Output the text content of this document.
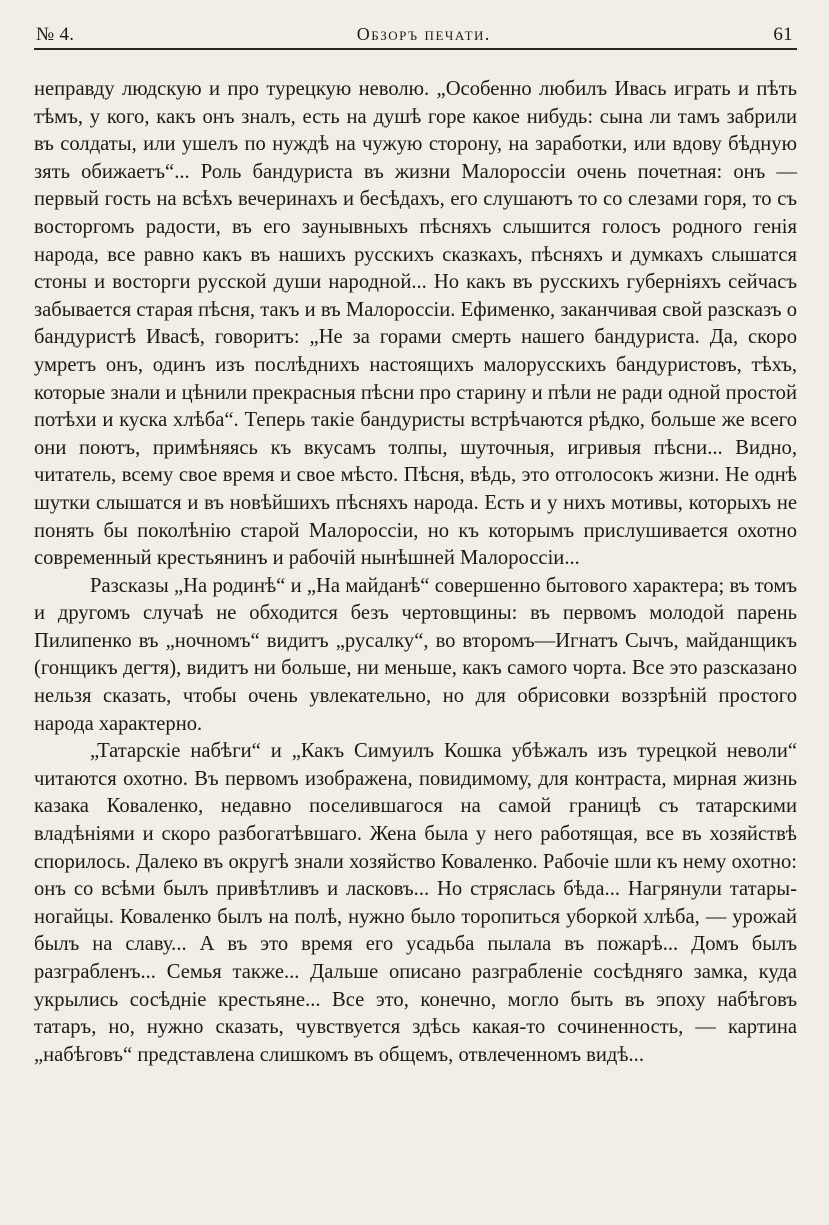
№ 4.	Обзоръ печати.	61

неправду людскую и про турецкую неволю. „Особенно любилъ Ивась играть и пѣть тѣмъ, у кого, какъ онъ зналъ, есть на душѣ горе какое нибудь: сына ли тамъ забрили въ солдаты, или ушелъ по нуждѣ на чужую сторону, на заработки, или вдову бѣдную зять обижаетъ“... Роль бандуриста въ жизни Малороссіи очень почетная: онъ — первый гость на всѣхъ вечеринахъ и бесѣдахъ, его слушаютъ то со слезами горя, то съ восторгомъ радости, въ его заунывныхъ пѣсняхъ слышится голосъ родного генія народа, все равно какъ въ нашихъ русскихъ сказкахъ, пѣсняхъ и думкахъ слышатся стоны и восторги русской души народной... Но какъ въ русскихъ губерніяхъ сейчасъ забывается старая пѣсня, такъ и въ Малороссіи. Ефименко, заканчивая свой разсказъ о бандуристѣ Ивасѣ, говоритъ: „Не за горами смерть нашего бандуриста. Да, скоро умретъ онъ, одинъ изъ послѣднихъ настоящихъ малорусскихъ бандуристовъ, тѣхъ, которые знали и цѣнили прекрасныя пѣсни про старину и пѣли не ради одной простой потѣхи и куска хлѣба“. Теперь такіе бандуристы встрѣчаются рѣдко, больше же всего они поютъ, примѣняясь къ вкусамъ толпы, шуточныя, игривыя пѣсни... Видно, читатель, всему свое время и свое мѣсто. Пѣсня, вѣдь, это отголосокъ жизни. Не однѣ шутки слышатся и въ новѣйшихъ пѣсняхъ народа. Есть и у нихъ мотивы, которыхъ не понять бы поколѣнію старой Малороссіи, но къ которымъ прислушивается охотно современный крестьянинъ и рабочій нынѣшней Малороссіи...

Разсказы „На родинѣ“ и „На майданѣ“ совершенно бытового характера; въ томъ и другомъ случаѣ не обходится безъ чертовщины: въ первомъ молодой парень Пилипенко въ „ночномъ“ видитъ „русалку“, во второмъ—Игнатъ Сычъ, майданщикъ (гонщикъ дегтя), видитъ ни больше, ни меньше, какъ самого чорта. Все это разсказано нельзя сказать, чтобы очень увлекательно, но для обрисовки воззрѣній простого народа характерно.

„Татарскіе набѣги“ и „Какъ Симуилъ Кошка убѣжалъ изъ турецкой неволи“ читаются охотно. Въ первомъ изображена, повидимому, для контраста, мирная жизнь казака Коваленко, недавно поселившагося на самой границѣ съ татарскими владѣніями и скоро разбогатѣвшаго. Жена была у него работящая, все въ хозяйствѣ спорилось. Далеко въ округѣ знали хозяйство Коваленко. Рабочіе шли къ нему охотно: онъ со всѣми былъ привѣтливъ и ласковъ... Но стряслась бѣда... Нагрянули татары-ногайцы. Коваленко былъ на полѣ, нужно было торопиться уборкой хлѣба, — урожай былъ на славу... А въ это время его усадьба пылала въ пожарѣ... Домъ былъ разграбленъ... Семья также... Дальше описано разграбленіе сосѣдняго замка, куда укрылись сосѣдніе крестьяне... Все это, конечно, могло быть въ эпоху набѣговъ татаръ, но, нужно сказать, чувствуется здѣсь какая-то сочиненность, — картина „набѣговъ“ представлена слишкомъ въ общемъ, отвлеченномъ видѣ...
